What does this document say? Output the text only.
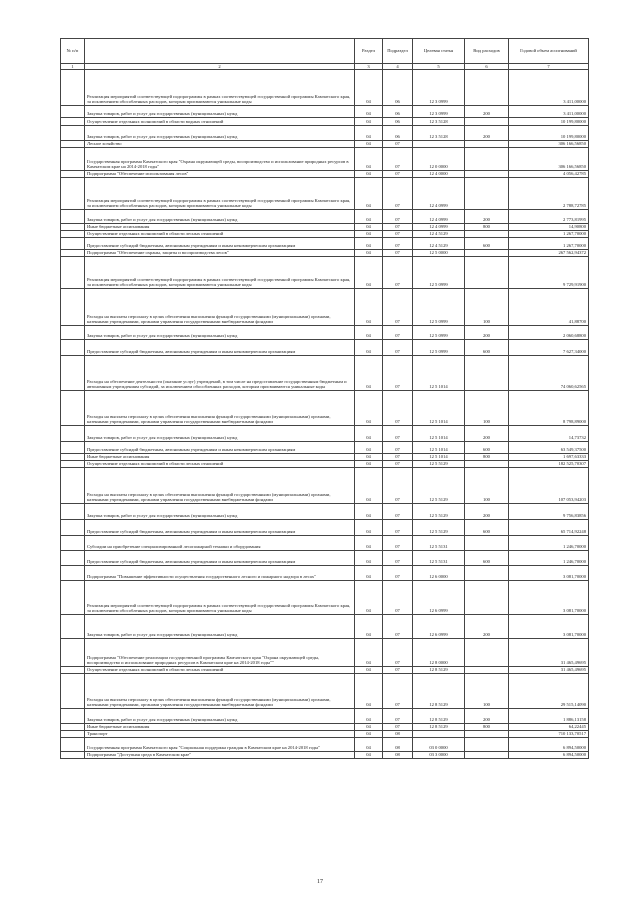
№ п/п		Раздел	Подраздел	Целевая статья	Вид расходов	Годовой объем ассигнований
1	2	3	4	5	6	7
	Реализация мероприятий соответствующей подпрограммы в рамках соответствующей государственной программы Камчатского края, за исключением обособленных расходов, которым присваиваются уникальные коды	04	06	12 3 0999		3 411,00000
	Закупка товаров, работ и услуг для государственных (муниципальных) нужд	04	06	12 3 0999	200	3 411,00000
	Осуществление отдельных полномочий в области водных отношений	04	06	12 3 5128		10 199,80000
	Закупка товаров, работ и услуг для государственных (муниципальных) нужд	04	06	12 3 5128	200	10 199,80000
	Лесное хозяйство	04	07			306 166,56850
	Государственная программа Камчатского края "Охрана окружающей среды, воспроизводство и использование природных ресурсов в Камчатском крае на 2014-2018 годы"	04	07	12 0 0000		306 166,56850
	Подпрограмма "Обеспечение использования лесов"	04	07	12 4 0000		4 056,42785
	Реализация мероприятий соответствующей подпрограммы в рамках соответствующей государственной программы Камчатского края, за исключением обособленных расходов, которым присваиваются уникальные коды	04	07	12 4 0999		2 788,72785
	Закупка товаров, работ и услуг для государственных (муниципальных) нужд	04	07	12 4 0999	200	2 773,81995
	Иные бюджетные ассигнования	04	07	12 4 0999	800	14,90800
	Осуществление отдельных полномочий в области лесных отношений	04	07	12 4 5129		1 267,70000
	Предоставление субсидий бюджетным, автономным учреждениям и иным некоммерческим организациям	04	07	12 4 5129	600	1 267,70000
	Подпрограмма "Обеспечение охраны, защиты и воспроизводства лесов"	04	07	12 5 0000		267 562,94372
	Реализация мероприятий соответствующей подпрограммы в рамках соответствующей государственной программы Камчатского края, за исключением обособленных расходов, которым присваиваются уникальные коды	04	07	12 5 0999		9 729,91900
	Расходы на выплаты персоналу в целях обеспечения выполнения функций государственными (муниципальными) органами, казенными учреждениями, органами управления государственными внебюджетными фондами	04	07	12 5 0999	100	41,88700
	Закупка товаров, работ и услуг для государственных (муниципальных) нужд	04	07	12 5 0999	200	2 060,68800
	Предоставление субсидий бюджетным, автономным учреждениям и иным некоммерческим организациям	04	07	12 5 0999	600	7 627,34000
	Расходы на обеспечение деятельности (оказание услуг) учреждений, в том числе на предоставление государственным бюджетным и автономным учреждениям субсидий, за исключением обособленных расходов, которым присваиваются уникальные коды	04	07	12 5 1014		74 060,62565
	Расходы на выплаты персоналу в целях обеспечения выполнения функций государственными (муниципальными) органами, казенными учреждениями, органами управления государственными внебюджетными фондами	04	07	12 5 1014	100	8 798,89000
	Закупка товаров, работ и услуг для государственных (муниципальных) нужд	04	07	12 5 1014	200	14,73732
	Предоставление субсидий бюджетным, автономным учреждениям и иным некоммерческим организациям	04	07	12 5 1014	600	63 549,37500
	Иные бюджетные ассигнования	04	07	12 5 1014	800	1 697,63333
	Осуществление отдельных полномочий в области лесных отношений	04	07	12 5 5129		182 525,70307
	Расходы на выплаты персоналу в целях обеспечения выполнения функций государственными (муниципальными) органами, казенными учреждениями, органами управления государственными внебюджетными фондами	04	07	12 5 5129	100	107 053,94203
	Закупка товаров, работ и услуг для государственных (муниципальных) нужд	04	07	12 5 5129	200	9 756,83856
	Предоставление субсидий бюджетным, автономным учреждениям и иным некоммерческим организациям	04	07	12 5 5129	600	65 714,92248
	Субсидии на приобретение специализированной лесопожарной техники и оборудования	04	07	12 5 5131		1 246,70000
	Предоставление субсидий бюджетным, автономным учреждениям и иным некоммерческим организациям	04	07	12 5 5131	600	1 246,70000
	Подпрограмма "Повышение эффективности осуществления государственного лесного и пожарного надзора в лесах"	04	07	12 6 0000		3 081,70000
	Реализация мероприятий соответствующей подпрограммы в рамках соответствующей государственной программы Камчатского края, за исключением обособленных расходов, которым присваиваются уникальные коды	04	07	12 6 0999		3 081,70000
	Закупка товаров, работ и услуг для государственных (муниципальных) нужд	04	07	12 6 0999	200	3 081,70000
	Подпрограмма "Обеспечение реализации государственной программы Камчатского края "Охрана окружающей среды, воспроизводство и использование природных ресурсов в Камчатском крае на 2014-2018 годы""	04	07	12 8 0000		31 465,49695
	Осуществление отдельных полномочий в области лесных отношений	04	07	12 8 5129		31 465,49695
	Расходы на выплаты персоналу в целях обеспечения выполнения функций государственными (муниципальными) органами, казенными учреждениями, органами управления государственными внебюджетными фондами	04	07	12 8 5129	100	29 515,14090
	Закупка товаров, работ и услуг для государственных (муниципальных) нужд	04	07	12 8 5129	200	1 886,13158
	Иные бюджетные ассигнования	04	07	12 8 5129	800	64,22445
	Транспорт	04	08			710 133,70517
	Государственная программа Камчатского края "Социальная поддержка граждан в Камчатском крае на 2014-2018 годы"	04	08	03 0 0000		6 894,50000
	Подпрограмма "Доступная среда в Камчатском крае"	04	08	03 3 0000		6 894,50000
17
